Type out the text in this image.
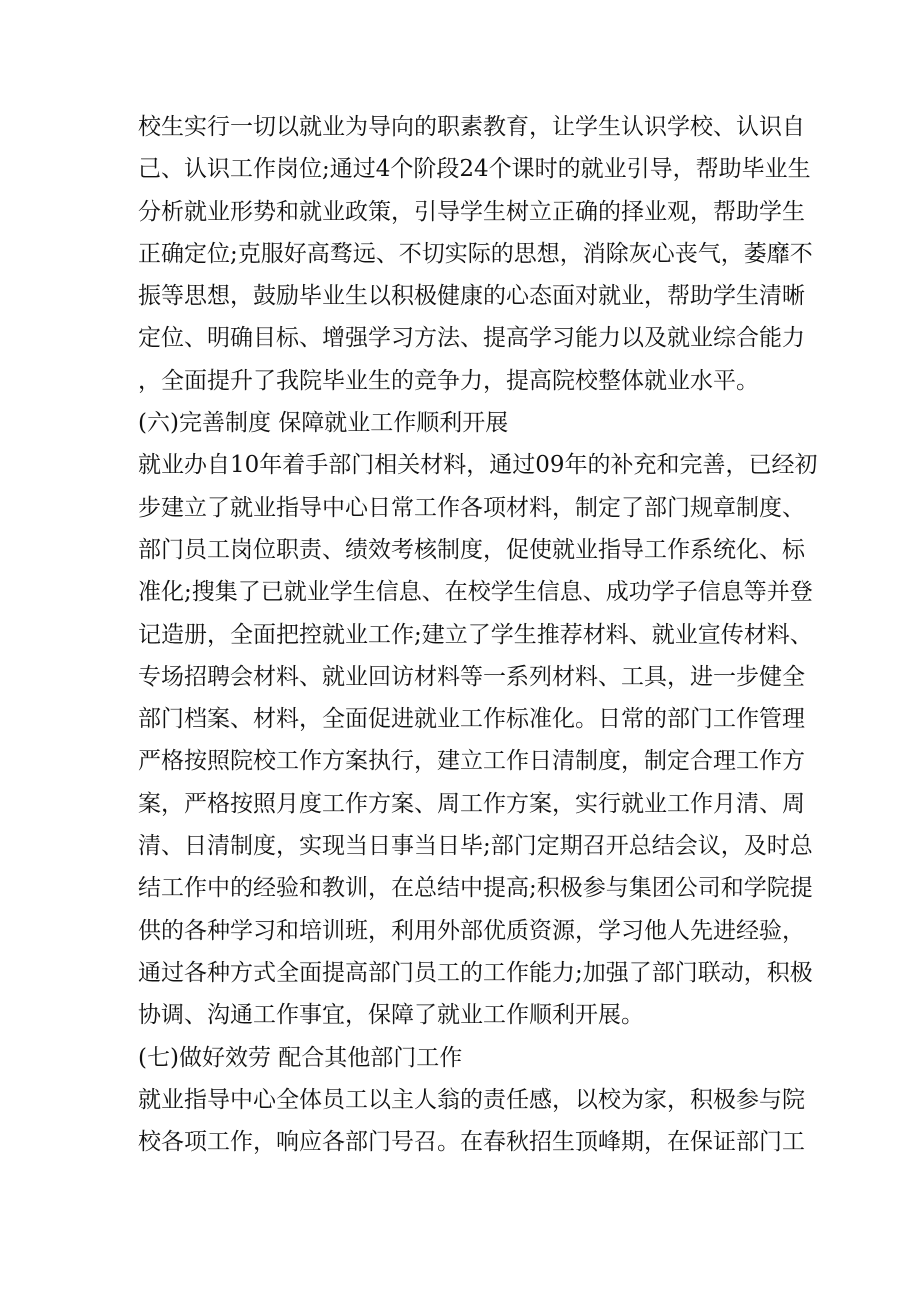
校生实行一切以就业为导向的职素教育，让学生认识学校、认识自
己、认识工作岗位;通过4个阶段24个课时的就业引导，帮助毕业生
分析就业形势和就业政策，引导学生树立正确的择业观，帮助学生
正确定位;克服好高骛远、不切实际的思想，消除灰心丧气，萎靡不
振等思想，鼓励毕业生以积极健康的心态面对就业，帮助学生清晰
定位、明确目标、增强学习方法、提高学习能力以及就业综合能力
，全面提升了我院毕业生的竞争力，提高院校整体就业水平。
(六)完善制度 保障就业工作顺利开展
就业办自10年着手部门相关材料，通过09年的补充和完善，已经初
步建立了就业指导中心日常工作各项材料，制定了部门规章制度、
部门员工岗位职责、绩效考核制度，促使就业指导工作系统化、标
准化;搜集了已就业学生信息、在校学生信息、成功学子信息等并登
记造册，全面把控就业工作;建立了学生推荐材料、就业宣传材料、
专场招聘会材料、就业回访材料等一系列材料、工具，进一步健全
部门档案、材料，全面促进就业工作标准化。日常的部门工作管理
严格按照院校工作方案执行，建立工作日清制度，制定合理工作方
案，严格按照月度工作方案、周工作方案，实行就业工作月清、周
清、日清制度，实现当日事当日毕;部门定期召开总结会议，及时总
结工作中的经验和教训，在总结中提高;积极参与集团公司和学院提
供的各种学习和培训班，利用外部优质资源，学习他人先进经验，
通过各种方式全面提高部门员工的工作能力;加强了部门联动，积极
协调、沟通工作事宜，保障了就业工作顺利开展。
(七)做好效劳 配合其他部门工作
就业指导中心全体员工以主人翁的责任感，以校为家，积极参与院
校各项工作，响应各部门号召。在春秋招生顶峰期，在保证部门工
